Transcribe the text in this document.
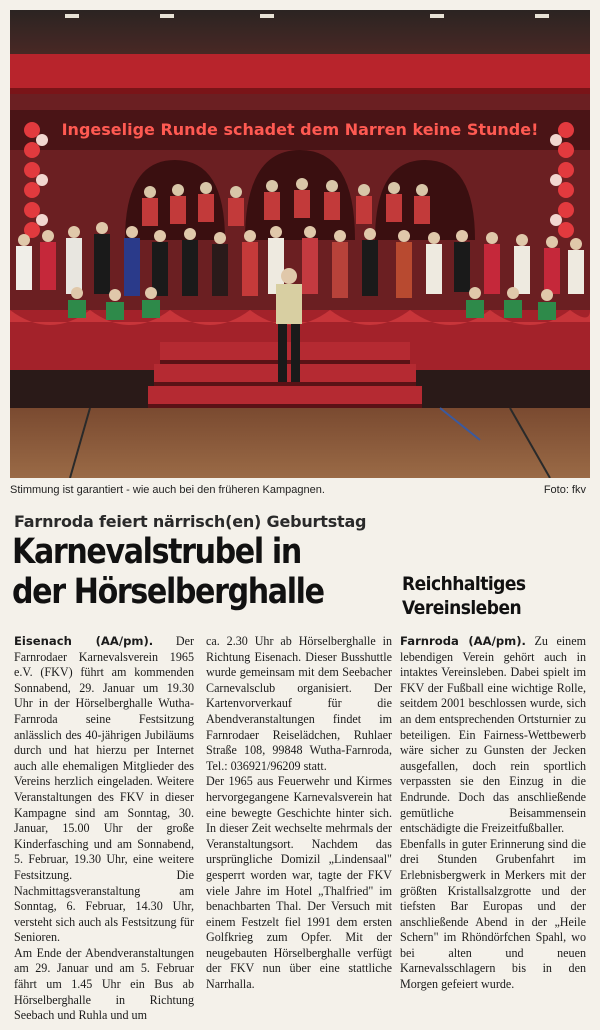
Ingeselige Runde schadet dem Narren keine Stunde!
Stimmung ist garantiert - wie auch bei den früheren Kampagnen.	Foto: fkv
Farnroda feiert närrisch(en) Geburtstag
Karnevalstrubel in
der Hörselberghalle

Eisenach (AA/pm). Der Farnrodaer Karnevalsverein 1965 e.V. (FKV) führt am kommenden Sonnabend, 29. Januar um 19.30 Uhr in der Hörselberghalle Wutha-Farnroda seine Festsitzung anlässlich des 40-jährigen Jubiläums durch und hat hierzu per Internet auch alle ehemaligen Mitglieder des Vereins herzlich eingeladen. Weitere Veranstaltungen des FKV in dieser Kampagne sind am Sonntag, 30. Januar, 15.00 Uhr der große Kinderfasching und am Sonnabend, 5. Februar, 19.30 Uhr, eine weitere Festsitzung. Die Nachmittagsveranstaltung am Sonntag, 6. Februar, 14.30 Uhr, versteht sich auch als Festsitzung für Senioren.

Am Ende der Abendveranstaltungen am 29. Januar und am 5. Februar fährt um 1.45 Uhr ein Bus ab Hörselberghalle in Richtung Seebach und Ruhla und um

ca. 2.30 Uhr ab Hörselberghalle in Richtung Eisenach. Dieser Busshuttle wurde gemeinsam mit dem Seebacher Carnevalsclub organisiert. Der Kartenvorverkauf für die Abendveranstaltungen findet im Farnrodaer Reiselädchen, Ruhlaer Straße 108, 99848 Wutha-Farnroda, Tel.: 036921/96209 statt.

Der 1965 aus Feuerwehr und Kirmes hervorgegangene Karnevalsverein hat eine bewegte Geschichte hinter sich. In dieser Zeit wechselte mehrmals der Veranstaltungsort. Nachdem das ursprüngliche Domizil „Lindensaal" gesperrt worden war, tagte der FKV viele Jahre im Hotel „Thalfried" im benachbarten Thal. Der Versuch mit einem Festzelt fiel 1991 dem ersten Golfkrieg zum Opfer. Mit der neugebauten Hörselberghalle verfügt der FKV nun über eine stattliche Narrhalla.

Reichhaltiges
Vereinsleben

Farnroda (AA/pm). Zu einem lebendigen Verein gehört auch in intaktes Vereinsleben. Dabei spielt im FKV der Fußball eine wichtige Rolle, seitdem 2001 beschlossen wurde, sich an dem entsprechenden Ortsturnier zu beteiligen. Ein Fairness-Wettbewerb wäre sicher zu Gunsten der Jecken ausgefallen, doch rein sportlich verpassten sie den Einzug in die Endrunde. Doch das anschließende gemütliche Beisammensein entschädigte die Freizeitfußballer.

Ebenfalls in guter Erinnerung sind die drei Stunden Grubenfahrt im Erlebnisbergwerk in Merkers mit der größten Kristallsalzgrotte und der tiefsten Bar Europas und der anschließende Abend in der „Heile Schern" im Rhöndörfchen Spahl, wo bei alten und neuen Karnevalsschlagern bis in den Morgen gefeiert wurde.
